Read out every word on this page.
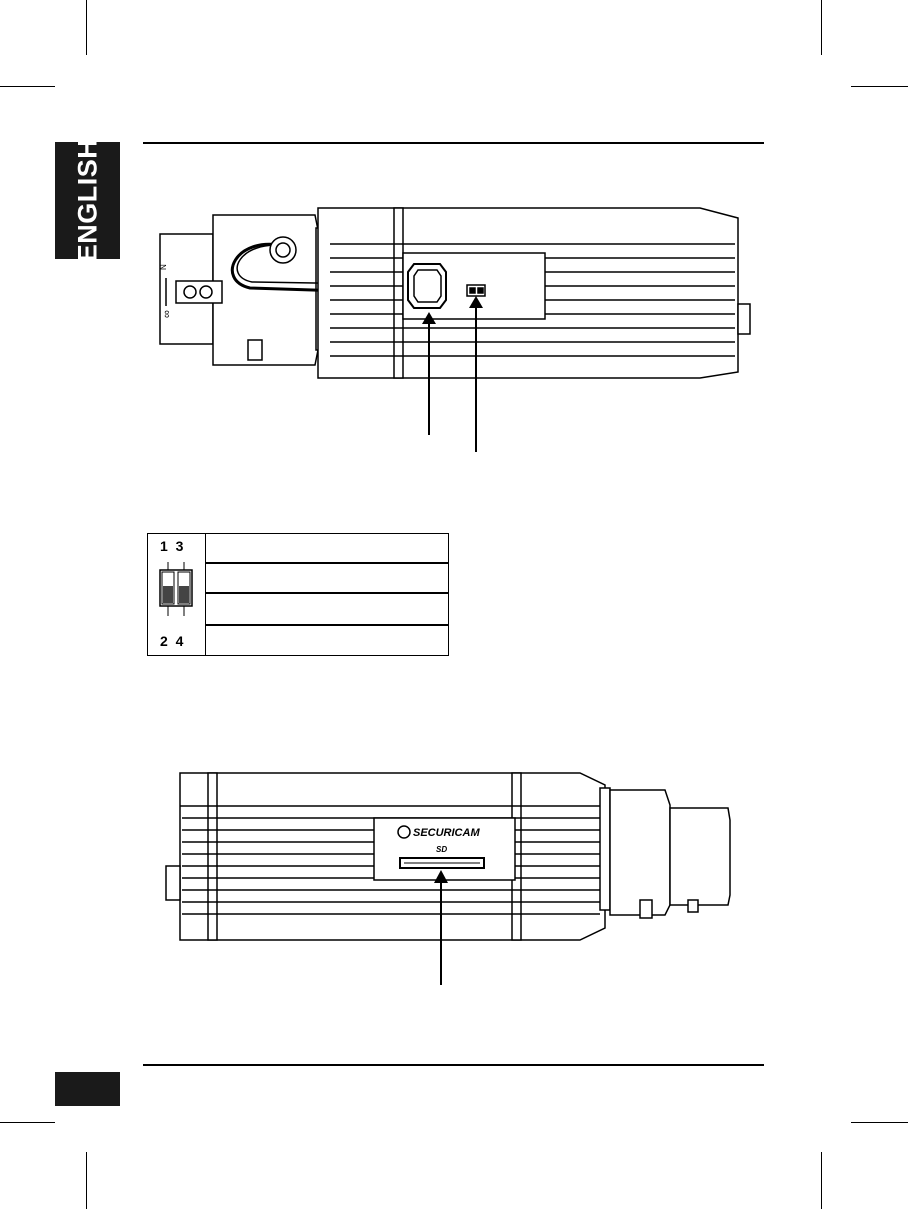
ENGLISH
N
∞
1 3
2 4
SECURICAM
SD
